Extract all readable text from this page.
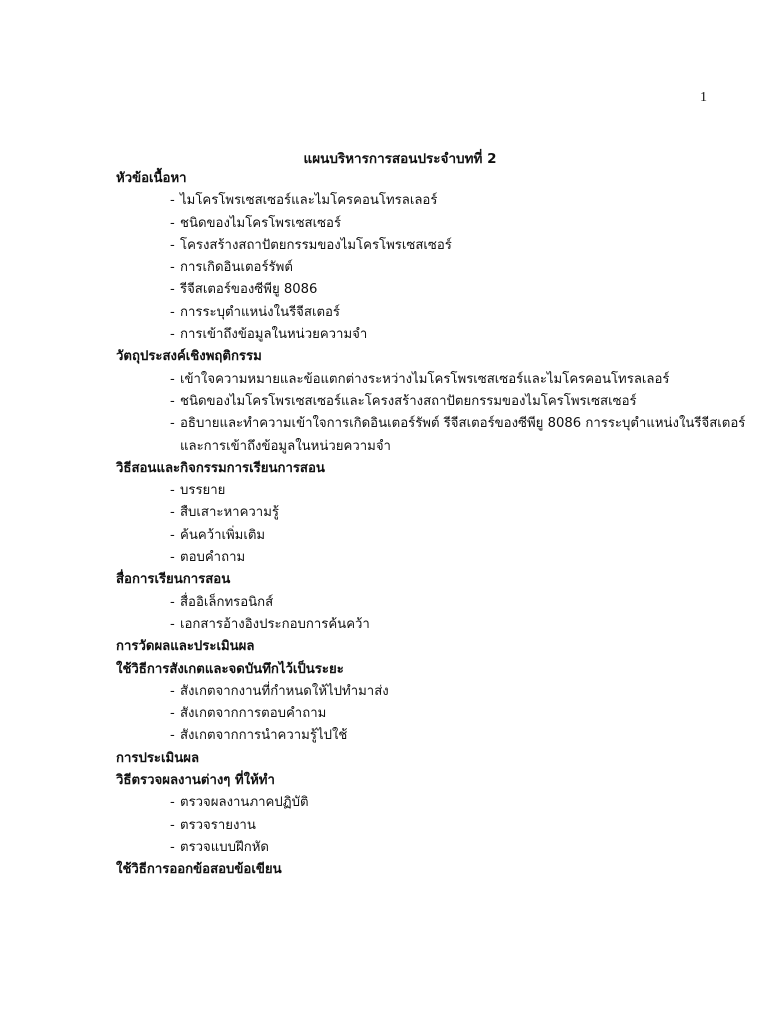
1
แผนบริหารการสอนประจำบทที่ 2
หัวข้อเนื้อหา
- ไมโครโพรเซสเซอร์และไมโครคอนโทรลเลอร์
- ชนิดของไมโครโพรเซสเซอร์
- โครงสร้างสถาปัตยกรรมของไมโครโพรเซสเซอร์
- การเกิดอินเตอร์รัพต์
- รีจีสเตอร์ของซีพียู 8086
- การระบุตำแหน่งในรีจีสเตอร์
- การเข้าถึงข้อมูลในหน่วยความจำ
วัตถุประสงค์เชิงพฤติกรรม
- เข้าใจความหมายและข้อแตกต่างระหว่างไมโครโพรเซสเซอร์และไมโครคอนโทรลเลอร์
- ชนิดของไมโครโพรเซสเซอร์และโครงสร้างสถาปัตยกรรมของไมโครโพรเซสเซอร์
- อธิบายและทำความเข้าใจการเกิดอินเตอร์รัพต์ รีจีสเตอร์ของซีพียู 8086 การระบุตำแหน่งในรีจีสเตอร์
และการเข้าถึงข้อมูลในหน่วยความจำ
วิธีสอนและกิจกรรมการเรียนการสอน
- บรรยาย
- สืบเสาะหาความรู้
- ค้นคว้าเพิ่มเติม
- ตอบคำถาม
สื่อการเรียนการสอน
- สื่ออิเล็กทรอนิกส์
- เอกสารอ้างอิงประกอบการค้นคว้า
การวัดผลและประเมินผล
ใช้วิธีการสังเกตและจดบันทึกไว้เป็นระยะ
- สังเกตจากงานที่กำหนดให้ไปทำมาส่ง
- สังเกตจากการตอบคำถาม
- สังเกตจากการนำความรู้ไปใช้
การประเมินผล
วิธีตรวจผลงานต่างๆ ที่ให้ทำ
- ตรวจผลงานภาคปฏิบัติ
- ตรวจรายงาน
- ตรวจแบบฝึกหัด
ใช้วิธีการออกข้อสอบข้อเขียน
